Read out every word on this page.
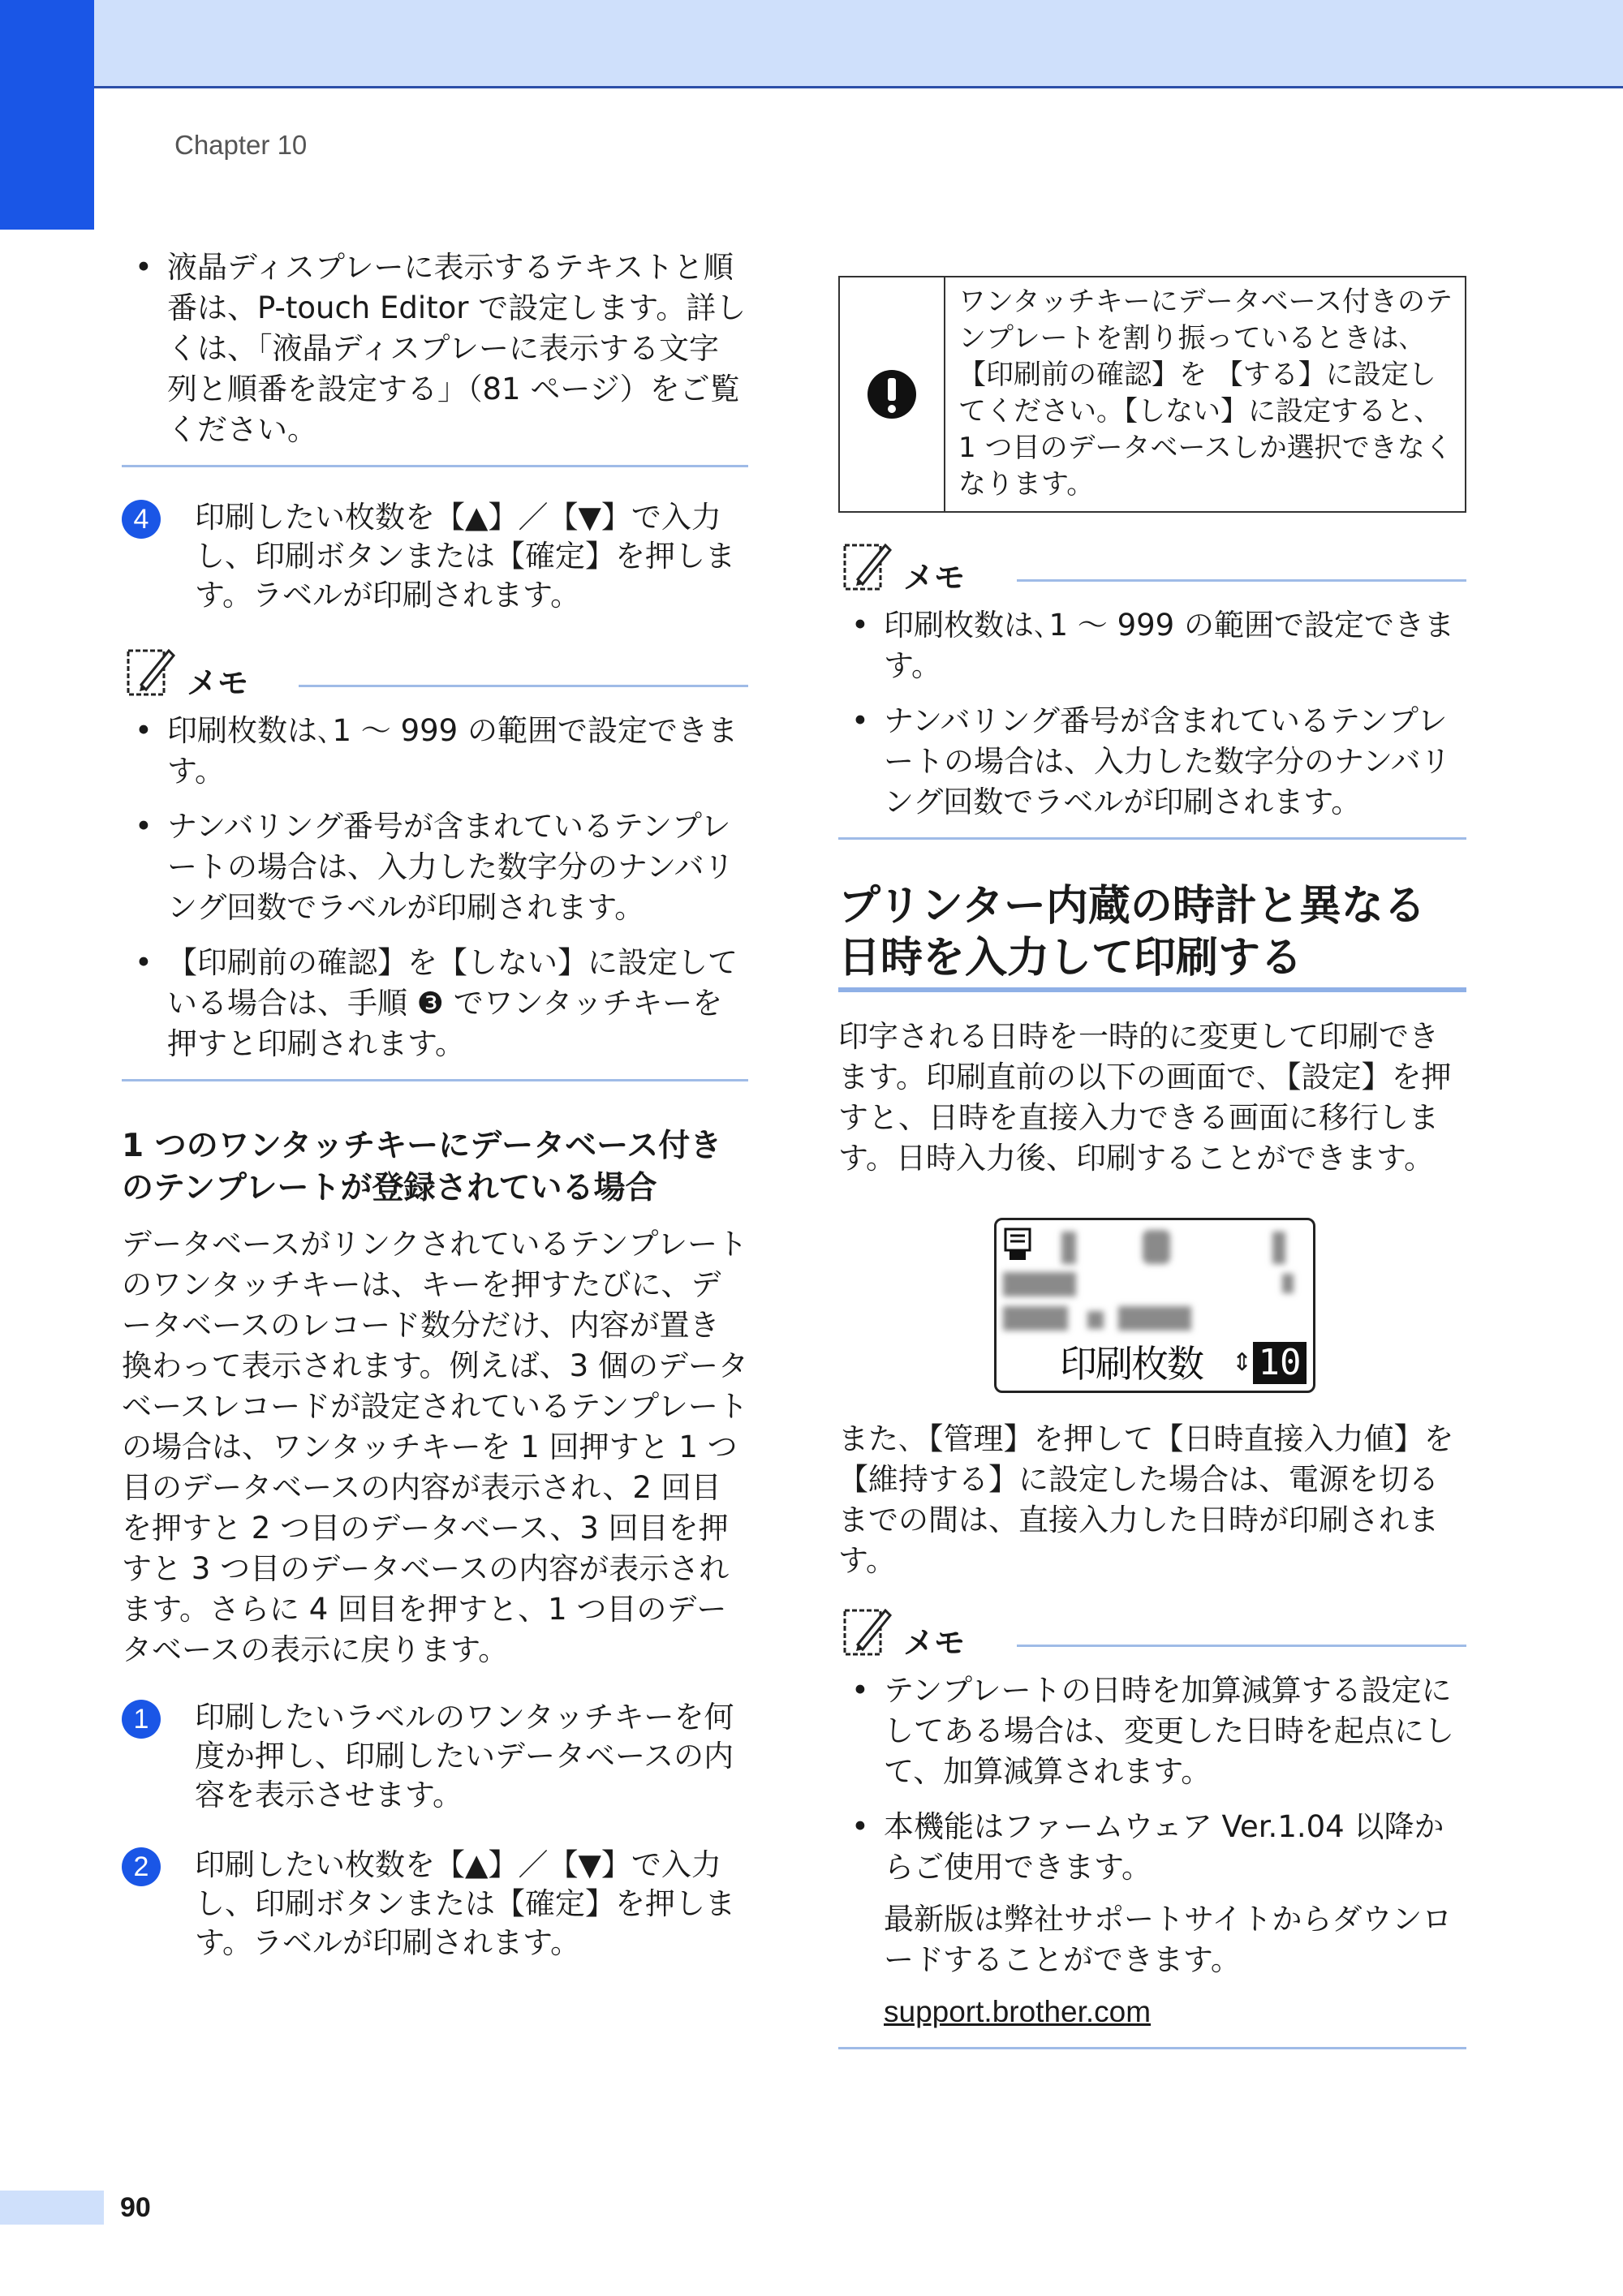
Chapter 10
• 液晶ディスプレーに表示するテキストと順番は、P-touch Editor で設定します。詳しくは、「液晶ディスプレーに表示する文字列と順番を設定する」（81 ページ）をご覧ください。
4	印刷したい枚数を【▲】／【▼】で入力し、印刷ボタンまたは【確定】を押します。ラベルが印刷されます。
メモ
• 印刷枚数は､1 ～ 999 の範囲で設定できます。
• ナンバリング番号が含まれているテンプレートの場合は、入力した数字分のナンバリング回数でラベルが印刷されます。
• 【印刷前の確認】を【しない】に設定している場合は、手順 ❸ でワンタッチキーを押すと印刷されます。
1 つのワンタッチキーにデータベース付きのテンプレートが登録されている場合
データベースがリンクされているテンプレートのワンタッチキーは、キーを押すたびに、データベースのレコード数分だけ、内容が置き換わって表示されます。例えば、3 個のデータベースレコードが設定されているテンプレートの場合は、ワンタッチキーを 1 回押すと 1 つ目のデータベースの内容が表示され、2 回目を押すと 2 つ目のデータベース、3 回目を押すと 3 つ目のデータベースの内容が表示されます。さらに 4 回目を押すと、1 つ目のデータベースの表示に戻ります。
1	印刷したいラベルのワンタッチキーを何度か押し、印刷したいデータベースの内容を表示させます。
2	印刷したい枚数を【▲】／【▼】で入力し、印刷ボタンまたは【確定】を押します。ラベルが印刷されます。
ワンタッチキーにデータベース付きのテンプレートを割り振っているときは､【印刷前の確認】を 【する】に設定してください。【しない】に設定すると、1 つ目のデータベースしか選択できなくなります。
メモ
• 印刷枚数は､1 ～ 999 の範囲で設定できます。
• ナンバリング番号が含まれているテンプレートの場合は、入力した数字分のナンバリング回数でラベルが印刷されます。
プリンター内蔵の時計と異なる日時を入力して印刷する
印字される日時を一時的に変更して印刷できます。印刷直前の以下の画面で､【設定】を押すと、日時を直接入力できる画面に移行します。日時入力後、印刷することができます。
印刷枚数 ⇕ 10
また､【管理】を押して【日時直接入力値】を【維持する】に設定した場合は、電源を切るまでの間は、直接入力した日時が印刷されます。
メモ
• テンプレートの日時を加算減算する設定にしてある場合は、変更した日時を起点にして、加算減算されます。
• 本機能はファームウェア Ver.1.04 以降からご使用できます。
最新版は弊社サポートサイトからダウンロードすることができます。
support.brother.com
90
